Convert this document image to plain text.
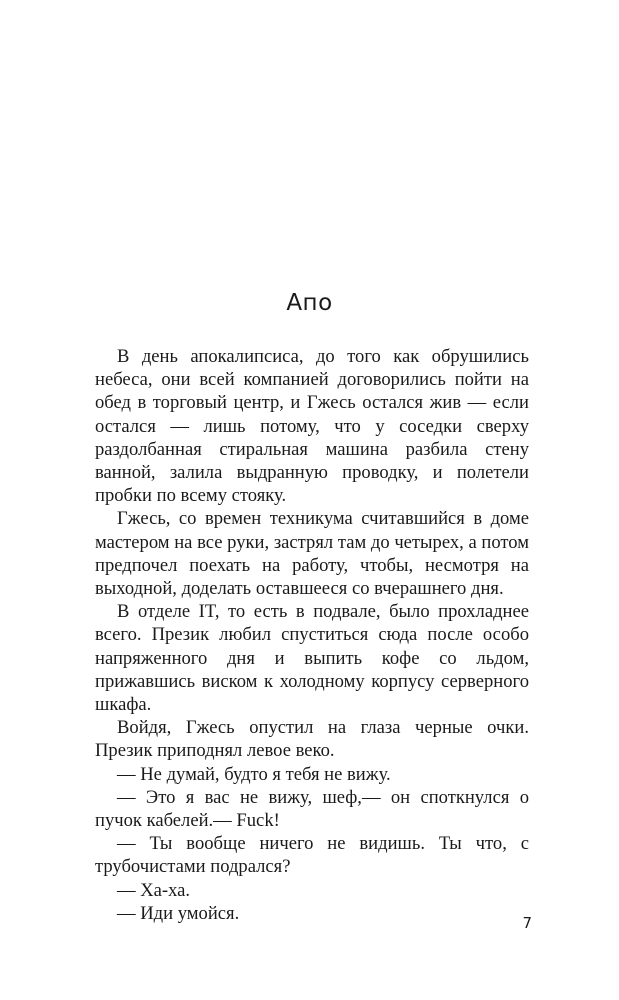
Апо

В день апокалипсиса, до того как обрушились небеса, они всей компанией договорились пойти на обед в торговый центр, и Гжесь остался жив — если остался — лишь потому, что у соседки сверху раздолбанная стиральная машина разбила стену ванной, залила выдранную проводку, и полетели пробки по всему стояку.

Гжесь, со времен техникума считавшийся в доме мастером на все руки, застрял там до четырех, а потом предпочел поехать на работу, чтобы, несмотря на выходной, доделать оставшееся со вчерашнего дня.

В отделе IT, то есть в подвале, было прохладнее всего. Презик любил спуститься сюда после особо напряженного дня и выпить кофе со льдом, прижавшись виском к холодному корпусу серверного шкафа.

Войдя, Гжесь опустил на глаза черные очки. Презик приподнял левое веко.

— Не думай, будто я тебя не вижу.

— Это я вас не вижу, шеф,— он споткнулся о пучок кабелей.— Fuck!

— Ты вообще ничего не видишь. Ты что, с трубочистами подрался?

— Ха-ха.

— Иди умойся.	7
